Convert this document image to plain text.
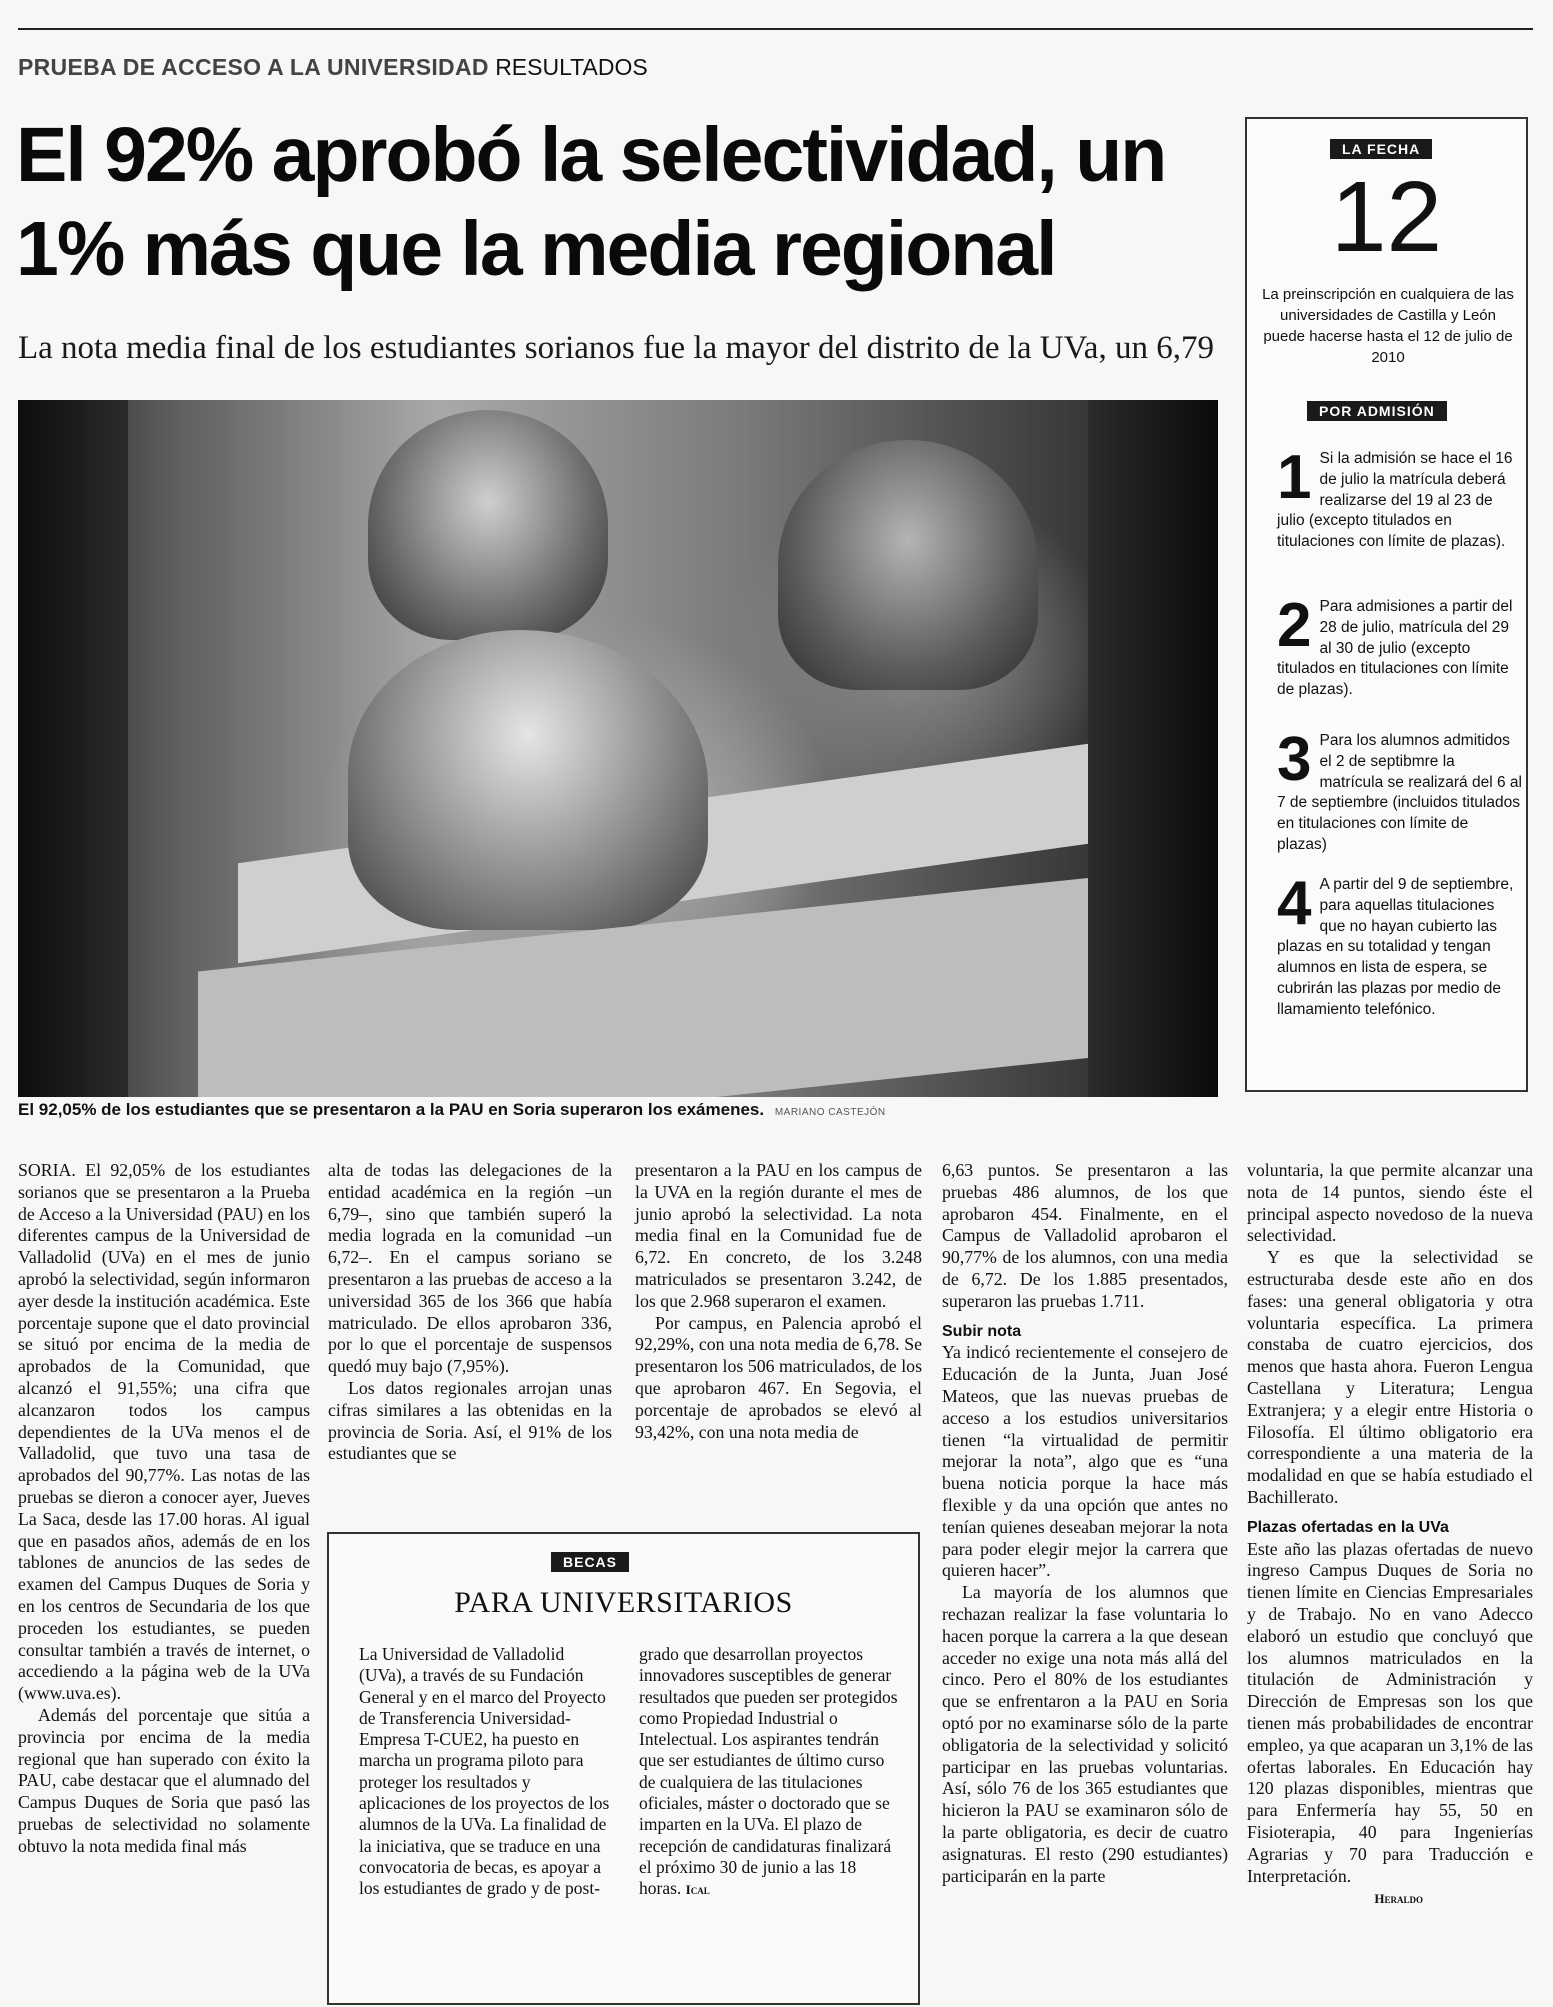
PRUEBA DE ACCESO A LA UNIVERSIDAD RESULTADOS
El 92% aprobó la selectividad, un 1% más que la media regional
La nota media final de los estudiantes sorianos fue la mayor del distrito de la UVa, un 6,79
El 92,05% de los estudiantes que se presentaron a la PAU en Soria superaron los exámenes. MARIANO CASTEJÓN
LA FECHA
12
La preinscripción en cualquiera de las universidades de Castilla y León puede hacerse hasta el 12 de julio de 2010
POR ADMISIÓN
1 Si la admisión se hace el 16 de julio la matrícula deberá realizarse del 19 al 23 de julio (excepto titulados en titulaciones con límite de plazas).
2 Para admisiones a partir del 28 de julio, matrícula del 29 al 30 de julio (excepto titulados en titulaciones con límite de plazas).
3 Para los alumnos admitidos el 2 de septibmre la matrícula se realizará del 6 al 7 de septiembre (incluidos titulados en titulaciones con límite de plazas)
4 A partir del 9 de septiembre, para aquellas titulaciones que no hayan cubierto las plazas en su totalidad y tengan alumnos en lista de espera, se cubrirán las plazas por medio de llamamiento telefónico.

SORIA. El 92,05% de los estudiantes sorianos que se presentaron a la Prueba de Acceso a la Universidad (PAU) en los diferentes campus de la Universidad de Valladolid (UVa) en el mes de junio aprobó la selectividad, según informaron ayer desde la institución académica. Este porcentaje supone que el dato provincial se situó por encima de la media de aprobados de la Comunidad, que alcanzó el 91,55%; una cifra que alcanzaron todos los campus dependientes de la UVa menos el de Valladolid, que tuvo una tasa de aprobados del 90,77%. Las notas de las pruebas se dieron a conocer ayer, Jueves La Saca, desde las 17.00 horas. Al igual que en pasados años, además de en los tablones de anuncios de las sedes de examen del Campus Duques de Soria y en los centros de Secundaria de los que proceden los estudiantes, se pueden consultar también a través de internet, o accediendo a la página web de la UVa (www.uva.es).

Además del porcentaje que sitúa a provincia por encima de la media regional que han superado con éxito la PAU, cabe destacar que el alumnado del Campus Duques de Soria que pasó las pruebas de selectividad no solamente obtuvo la nota medida final más

alta de todas las delegaciones de la entidad académica en la región –un 6,79–, sino que también superó la media lograda en la comunidad –un 6,72–. En el campus soriano se presentaron a las pruebas de acceso a la universidad 365 de los 366 que había matriculado. De ellos aprobaron 336, por lo que el porcentaje de suspensos quedó muy bajo (7,95%).

Los datos regionales arrojan unas cifras similares a las obtenidas en la provincia de Soria. Así, el 91% de los estudiantes que se

presentaron a la PAU en los campus de la UVA en la región durante el mes de junio aprobó la selectividad. La nota media final en la Comunidad fue de 6,72. En concreto, de los 3.248 matriculados se presentaron 3.242, de los que 2.968 superaron el examen.

Por campus, en Palencia aprobó el 92,29%, con una nota media de 6,78. Se presentaron los 506 matriculados, de los que aprobaron 467. En Segovia, el porcentaje de aprobados se elevó al 93,42%, con una nota media de

6,63 puntos. Se presentaron a las pruebas 486 alumnos, de los que aprobaron 454. Finalmente, en el Campus de Valladolid aprobaron el 90,77% de los alumnos, con una media de 6,72. De los 1.885 presentados, superaron las pruebas 1.711.

Subir nota

Ya indicó recientemente el consejero de Educación de la Junta, Juan José Mateos, que las nuevas pruebas de acceso a los estudios universitarios tienen “la virtualidad de permitir mejorar la nota”, algo que es “una buena noticia porque la hace más flexible y da una opción que antes no tenían quienes deseaban mejorar la nota para poder elegir mejor la carrera que quieren hacer”.

La mayoría de los alumnos que rechazan realizar la fase voluntaria lo hacen porque la carrera a la que desean acceder no exige una nota más allá del cinco. Pero el 80% de los estudiantes que se enfrentaron a la PAU en Soria optó por no examinarse sólo de la parte obligatoria de la selectividad y solicitó participar en las pruebas voluntarias. Así, sólo 76 de los 365 estudiantes que hicieron la PAU se examinaron sólo de la parte obligatoria, es decir de cuatro asignaturas. El resto (290 estudiantes) participarán en la parte

voluntaria, la que permite alcanzar una nota de 14 puntos, siendo éste el principal aspecto novedoso de la nueva selectividad.

Y es que la selectividad se estructuraba desde este año en dos fases: una general obligatoria y otra voluntaria específica. La primera constaba de cuatro ejercicios, dos menos que hasta ahora. Fueron Lengua Castellana y Literatura; Lengua Extranjera; y a elegir entre Historia o Filosofía. El último obligatorio era correspondiente a una materia de la modalidad en que se había estudiado el Bachillerato.

Plazas ofertadas en la UVa

Este año las plazas ofertadas de nuevo ingreso Campus Duques de Soria no tienen límite en Ciencias Empresariales y de Trabajo. No en vano Adecco elaboró un estudio que concluyó que los alumnos matriculados en la titulación de Administración y Dirección de Empresas son los que tienen más probabilidades de encontrar empleo, ya que acaparan un 3,1% de las ofertas laborales. En Educación hay 120 plazas disponibles, mientras que para Enfermería hay 55, 50 en Fisioterapia, 40 para Ingenierías Agrarias y 70 para Traducción e Interpretación.

Heraldo

BECAS
PARA UNIVERSITARIOS
La Universidad de Valladolid (UVa), a través de su Fundación General y en el marco del Proyecto de Transferencia Universidad-Empresa T-CUE2, ha puesto en marcha un programa piloto para proteger los resultados y aplicaciones de los proyectos de los alumnos de la UVa. La finalidad de la iniciativa, que se traduce en una convocatoria de becas, es apoyar a los estudiantes de grado y de post-
grado que desarrollan proyectos innovadores susceptibles de generar resultados que pueden ser protegidos como Propiedad Industrial o Intelectual. Los aspirantes tendrán que ser estudiantes de último curso de cualquiera de las titulaciones oficiales, máster o doctorado que se imparten en la UVa. El plazo de recepción de candidaturas finalizará el próximo 30 de junio a las 18 horas. Ical
